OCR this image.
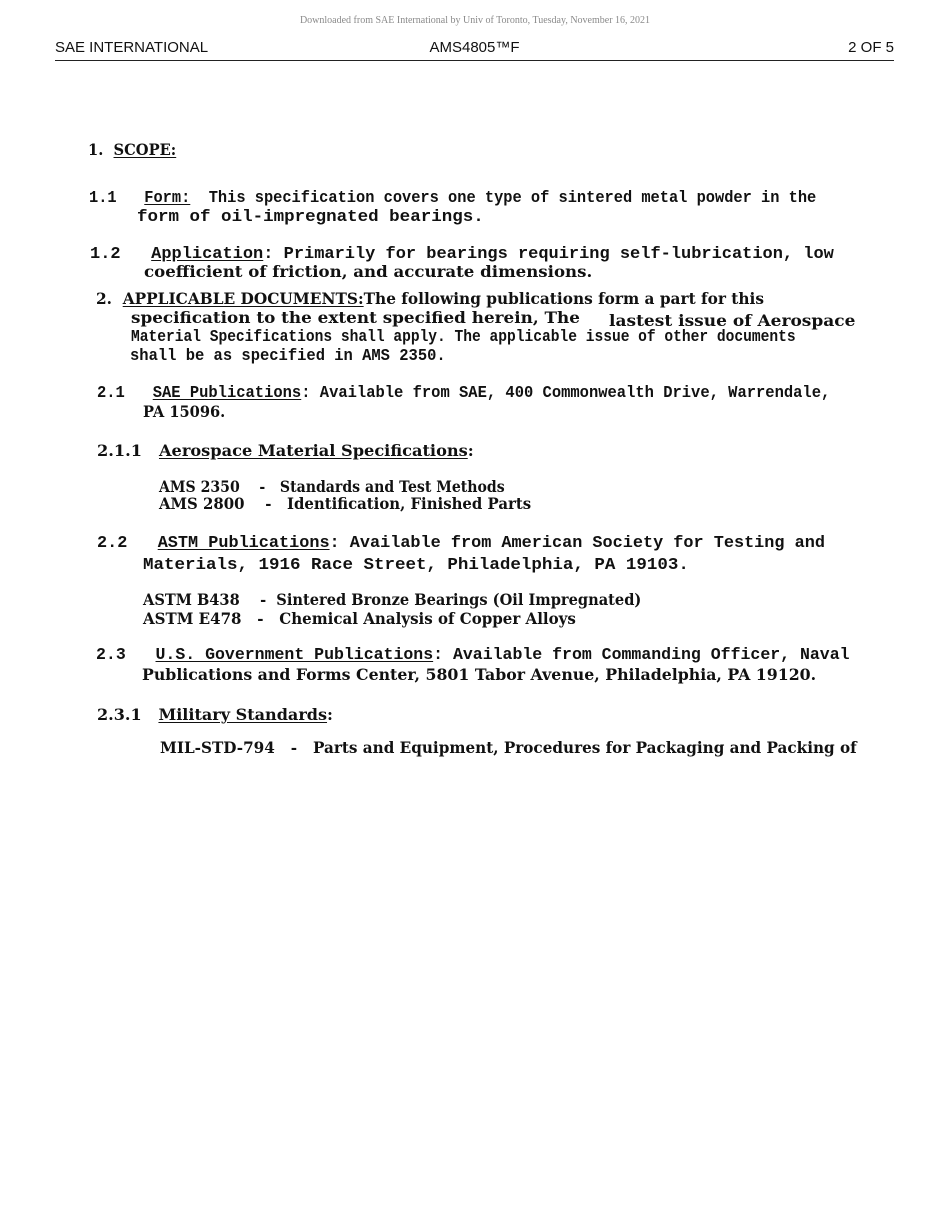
Downloaded from SAE International by Univ of Toronto, Tuesday, November 16, 2021
SAE INTERNATIONAL	AMS4805™F	2 OF 5
1. SCOPE:
1.1 Form: This specification covers one type of sintered metal powder in the
form of oil-impregnated bearings.
1.2 Application: Primarily for bearings requiring self-lubrication, low
coefficient of friction, and accurate dimensions.
2. APPLICABLE DOCUMENTS:The following publications form a part for this
specification to the extent specified herein, The lastest issue of Aerospace
Material Specifications shall apply. The applicable issue of other documents
shall be as specified in AMS 2350.
2.1 SAE Publications: Available from SAE, 400 Commonwealth Drive, Warrendale,
PA 15096.
2.1.1 Aerospace Material Specifications:
AMS 2350 - Standards and Test Methods
AMS 2800 - Identification, Finished Parts
2.2 ASTM Publications: Available from American Society for Testing and
Materials, 1916 Race Street, Philadelphia, PA 19103.
ASTM B438 - Sintered Bronze Bearings (Oil Impregnated)
ASTM E478 - Chemical Analysis of Copper Alloys
2.3 U.S. Government Publications: Available from Commanding Officer, Naval
Publications and Forms Center, 5801 Tabor Avenue, Philadelphia, PA 19120.
2.3.1 Military Standards:
MIL-STD-794 - Parts and Equipment, Procedures for Packaging and Packing of
